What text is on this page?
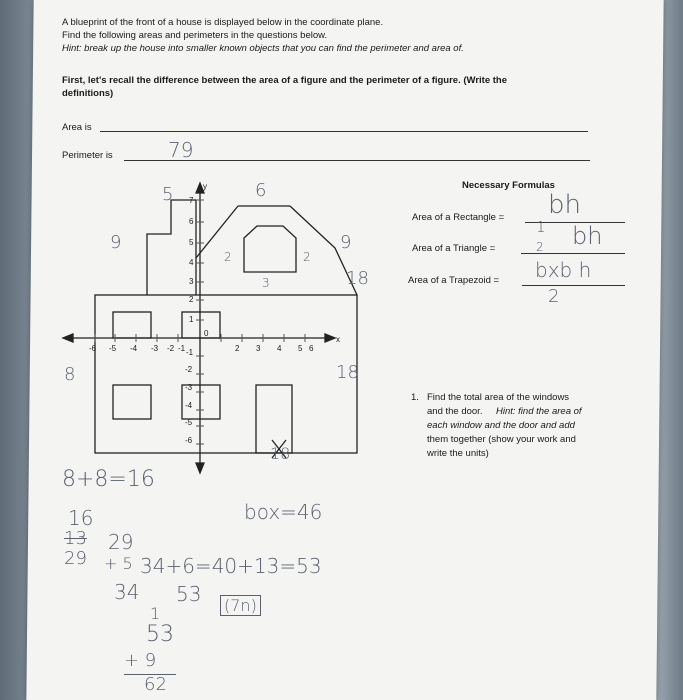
A blueprint of the front of a house is displayed below in the coordinate plane.
Find the following areas and perimeters in the questions below.
Hint: break up the house into smaller known objects that you can find the perimeter and area of.
First, let's recall the difference between the area of a figure and the perimeter of a figure. (Write the
definitions)
Area is
Perimeter is	79
Necessary Formulas
Area of a Rectangle = bh
Area of a Triangle =
1
2 bh
Area of a Trapezoid = bxb h
2
1. Find the total area of the windows
and the door. Hint: find the area of
each window and the door and add
them together (show your work and
write the units)
y
x
7
6
5
4
3
2
1
-1
-2
-3
-4
-5
-6
-6 -5 -4 -3 -2 -1
0
2 3 4 5 6
5	6
9	9
2	2
3	18
8	18
18
8+8=16
box=46
16
13
29
29
+ 5
34
34+6=40+13=53
53 (7n)
1
53
+ 9
62
